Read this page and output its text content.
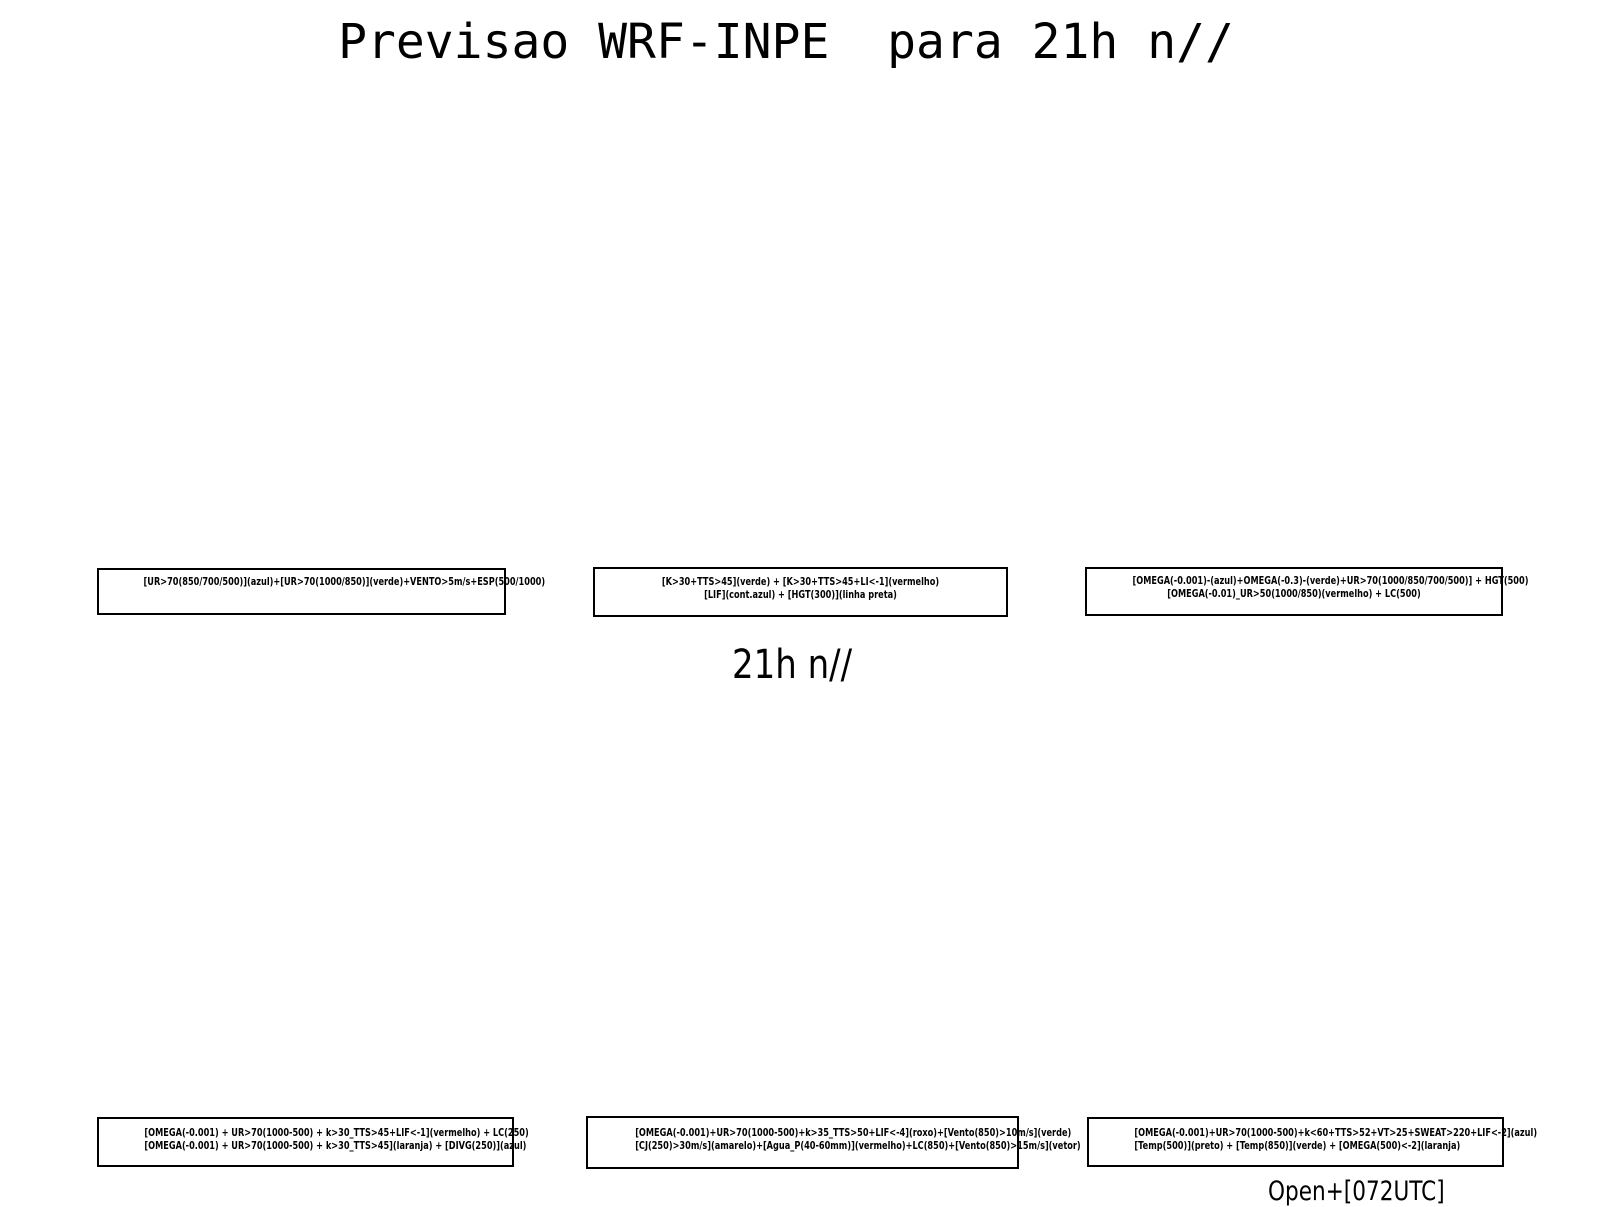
Previsao WRF-INPE  para 21h n//
[UR>70(850/700/500)](azul)+[UR>70(1000/850)](verde)+VENTO>5m/s+ESP(500/1000)	[K>30+TTS>45](verde) + [K>30+TTS>45+LI<-1](vermelho)
[LIF](cont.azul) + [HGT(300)](linha preta)
[OMEGA(-0.001)-(azul)+OMEGA(-0.3)-(verde)+UR>70(1000/850/700/500)] + HGT(500)
[OMEGA(-0.01)_UR>50(1000/850)(vermelho) + LC(500)
21h n//
[OMEGA(-0.001) + UR>70(1000-500) + k>30_TTS>45+LIF<-1](vermelho) + LC(250)
[OMEGA(-0.001) + UR>70(1000-500) + k>30_TTS>45](laranja) + [DIVG(250)](azul)
[OMEGA(-0.001)+UR>70(1000-500)+k>35_TTS>50+LIF<-4](roxo)+[Vento(850)>10m/s](verde)
[CJ(250)>30m/s](amarelo)+[Agua_P(40-60mm)](vermelho)+LC(850)+[Vento(850)>15m/s](vetor)
[OMEGA(-0.001)+UR>70(1000-500)+k<60+TTS>52+VT>25+SWEAT>220+LIF<-2](azul)
[Temp(500)](preto) + [Temp(850)](verde) + [OMEGA(500)<-2](laranja)
Open+[072UTC]
